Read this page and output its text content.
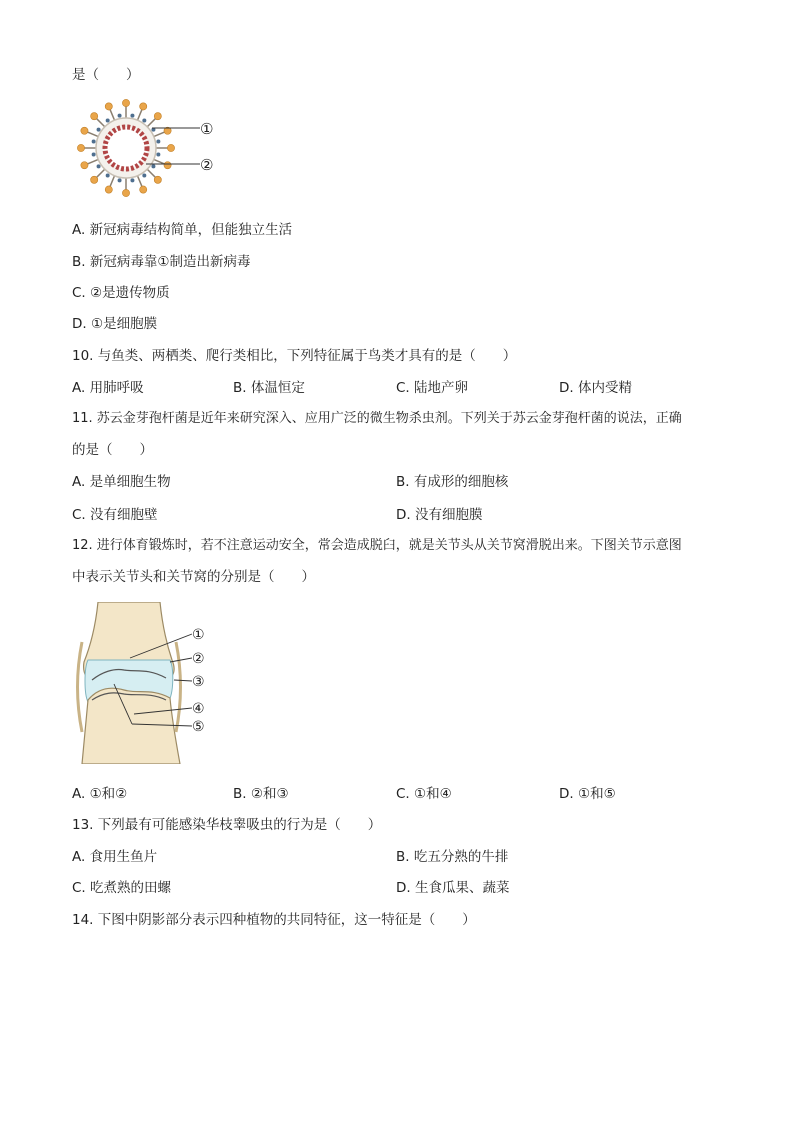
是（　　）
①
②
A. 新冠病毒结构简单，但能独立生活
B. 新冠病毒靠①制造出新病毒
C. ②是遗传物质
D. ①是细胞膜
10. 与鱼类、两栖类、爬行类相比，下列特征属于鸟类才具有的是（　　）
A. 用肺呼吸	B. 体温恒定	C. 陆地产卵	D. 体内受精
11. 苏云金芽孢杆菌是近年来研究深入、应用广泛的微生物杀虫剂。下列关于苏云金芽孢杆菌的说法，正确
的是（　　）
A. 是单细胞生物	B. 有成形的细胞核
C. 没有细胞壁	D. 没有细胞膜
12. 进行体育锻炼时，若不注意运动安全，常会造成脱臼，就是关节头从关节窝滑脱出来。下图关节示意图
中表示关节头和关节窝的分别是（　　）
①
②
③
④
⑤
A. ①和②	B. ②和③	C. ①和④	D. ①和⑤
13. 下列最有可能感染华枝睾吸虫的行为是（　　）
A. 食用生鱼片	B. 吃五分熟的牛排
C. 吃煮熟的田螺	D. 生食瓜果、蔬菜
14. 下图中阴影部分表示四种植物的共同特征，这一特征是（　　）
